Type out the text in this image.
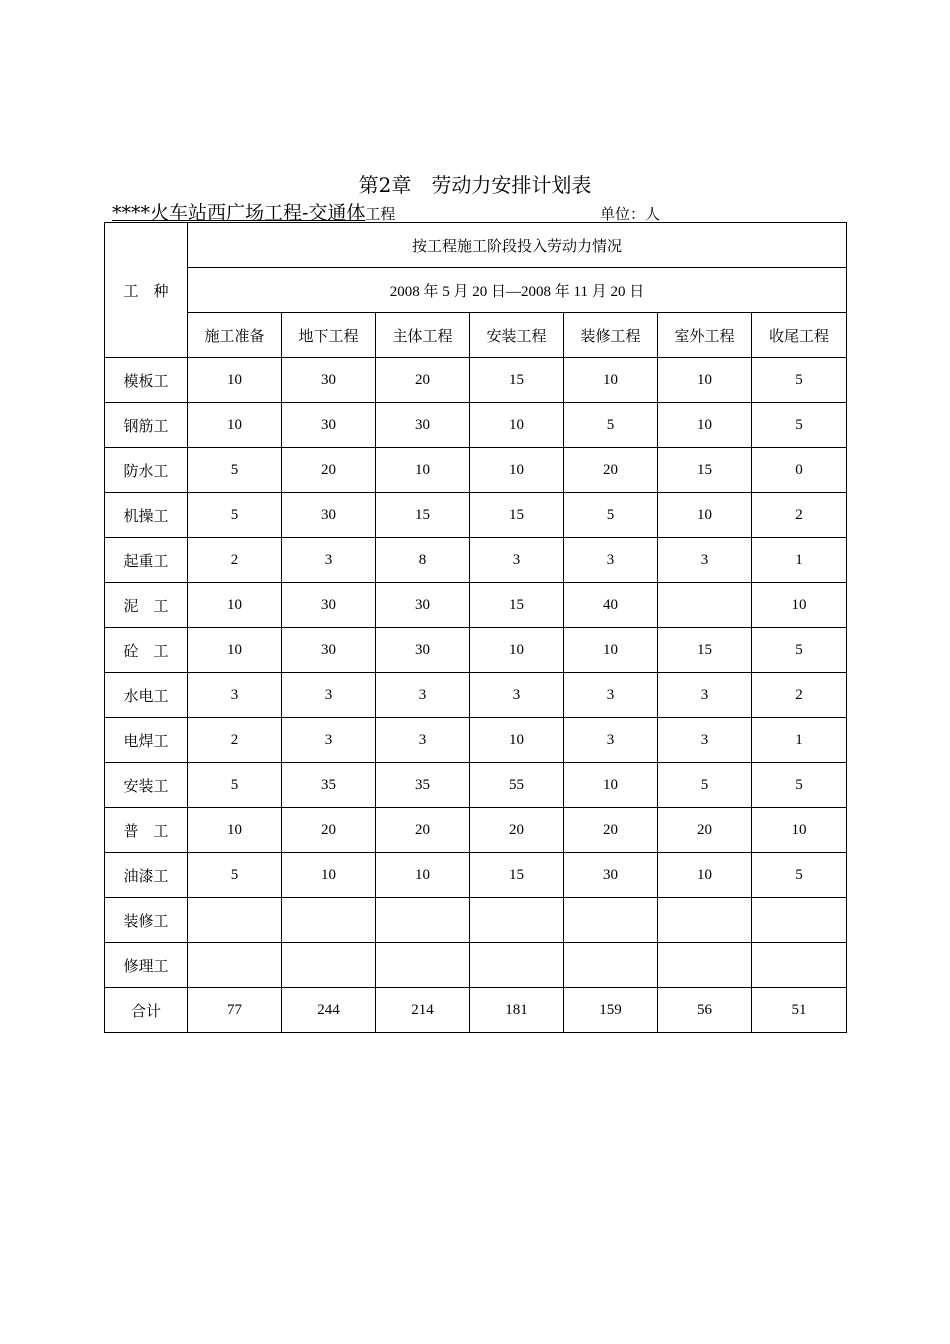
第2章　劳动力安排计划表
****火车站西广场工程-交通体工程	单位：人
工　种	按工程施工阶段投入劳动力情况						
	2008 年 5 月 20 日—2008 年 11 月 20 日						
	施工准备	地下工程	主体工程	安装工程	装修工程	室外工程	收尾工程
模板工	10	30	20	15	10	10	5
钢筋工	10	30	30	10	5	10	5
防水工	5	20	10	10	20	15	0
机操工	5	30	15	15	5	10	2
起重工	2	3	8	3	3	3	1
泥　工	10	30	30	15	40		10
砼　工	10	30	30	10	10	15	5
水电工	3	3	3	3	3	3	2
电焊工	2	3	3	10	3	3	1
安装工	5	35	35	55	10	5	5
普　工	10	20	20	20	20	20	10
油漆工	5	10	10	15	30	10	5
装修工							
修理工							
合计	77	244	214	181	159	56	51
